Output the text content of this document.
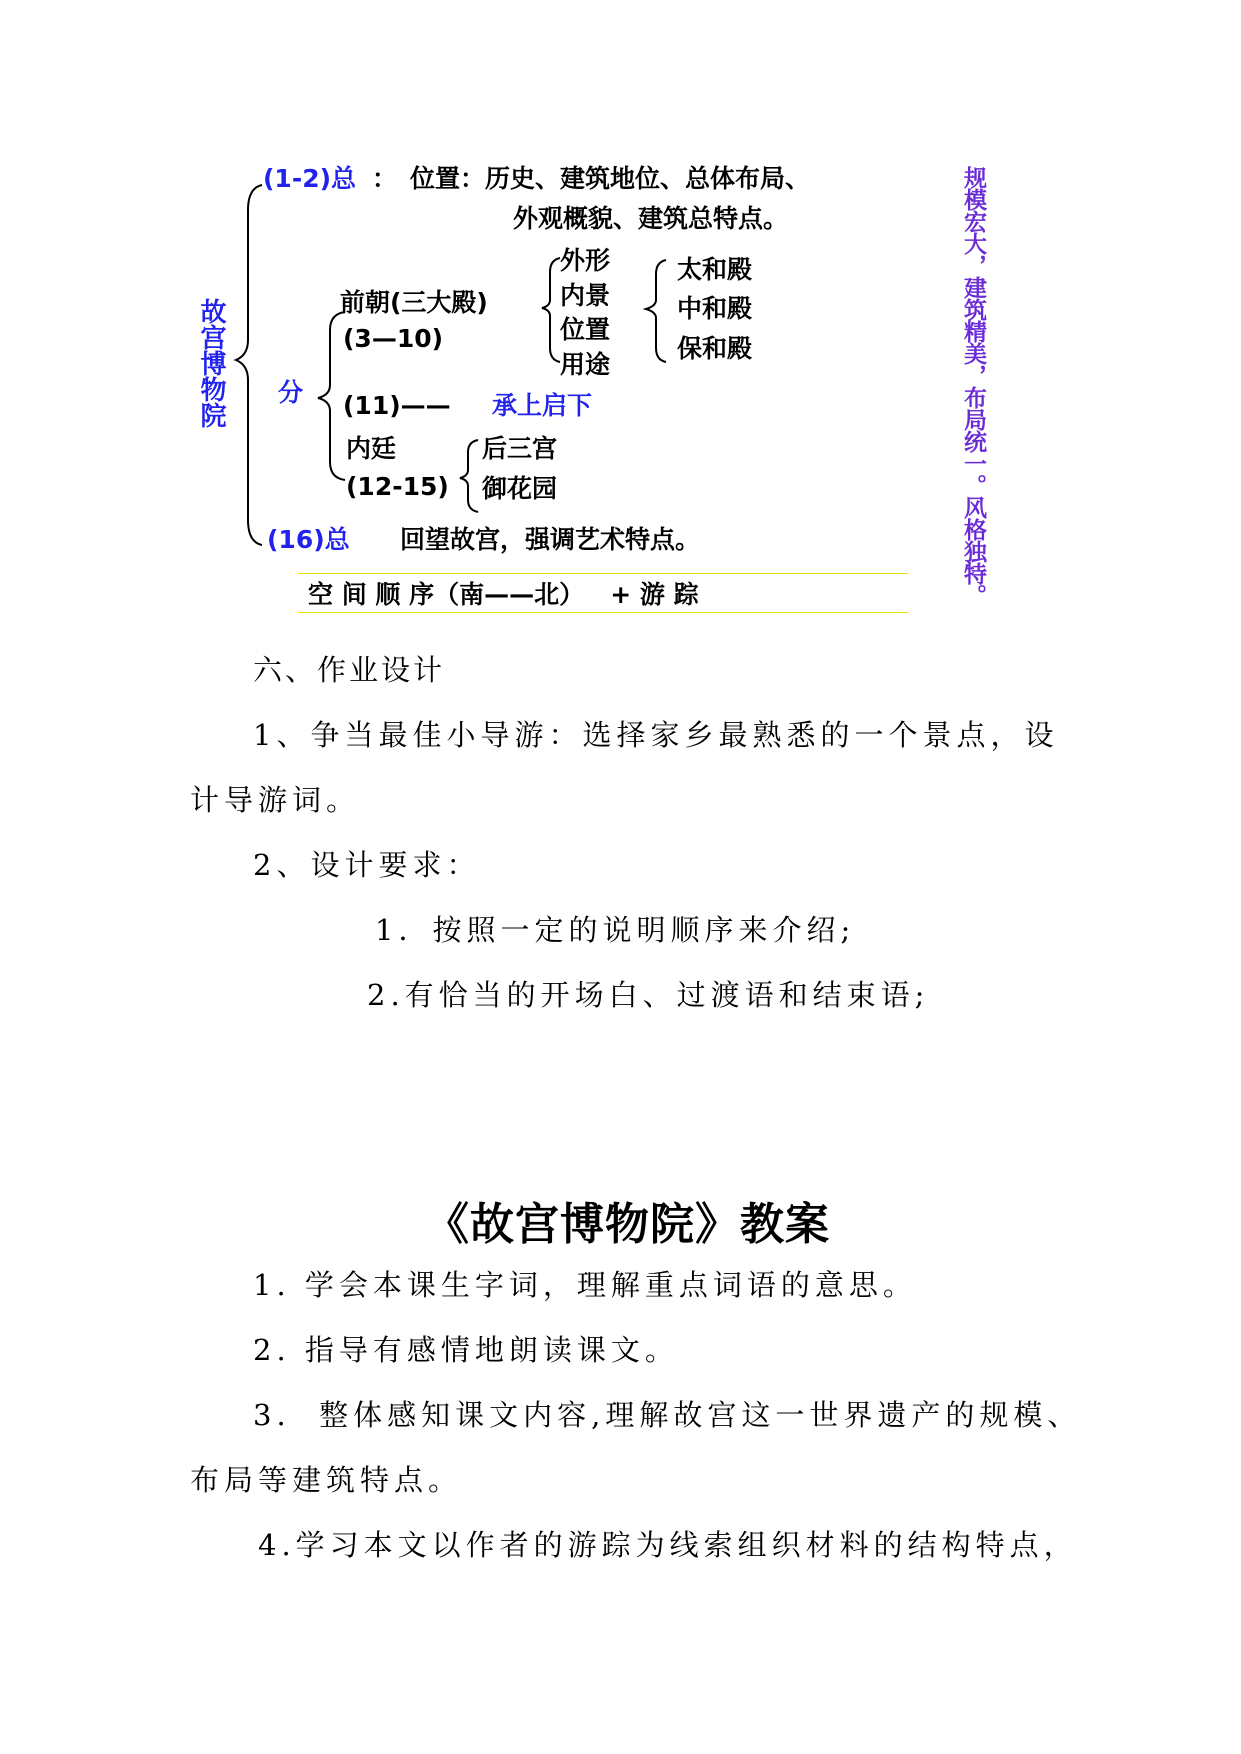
故宫博物院	规模宏大，建筑精美，布局统一。风格独特。
(1-2)总 ： 位置：历史、建筑地位、总体布局、
外观概貌、建筑总特点。
分
前朝(三大殿)
(3—10)
外形
内景
位置
用途
太和殿
中和殿
保和殿
(11)—— 承上启下
内廷
(12-15)
后三宫
御花园
(16)总 回望故宫，强调艺术特点。
空 间 顺 序（南——北）   + 游 踪
六、作业设计
1、争当最佳小导游：选择家乡最熟悉的一个景点，设
计导游词。
2、设计要求：
1．按照一定的说明顺序来介绍;
2.有恰当的开场白、过渡语和结束语;
《故宫博物院》教案
1. 学会本课生字词，理解重点词语的意思。
2. 指导有感情地朗读课文。
3.  整体感知课文内容,理解故宫这一世界遗产的规模、
布局等建筑特点。
4.学习本文以作者的游踪为线索组织材料的结构特点，
